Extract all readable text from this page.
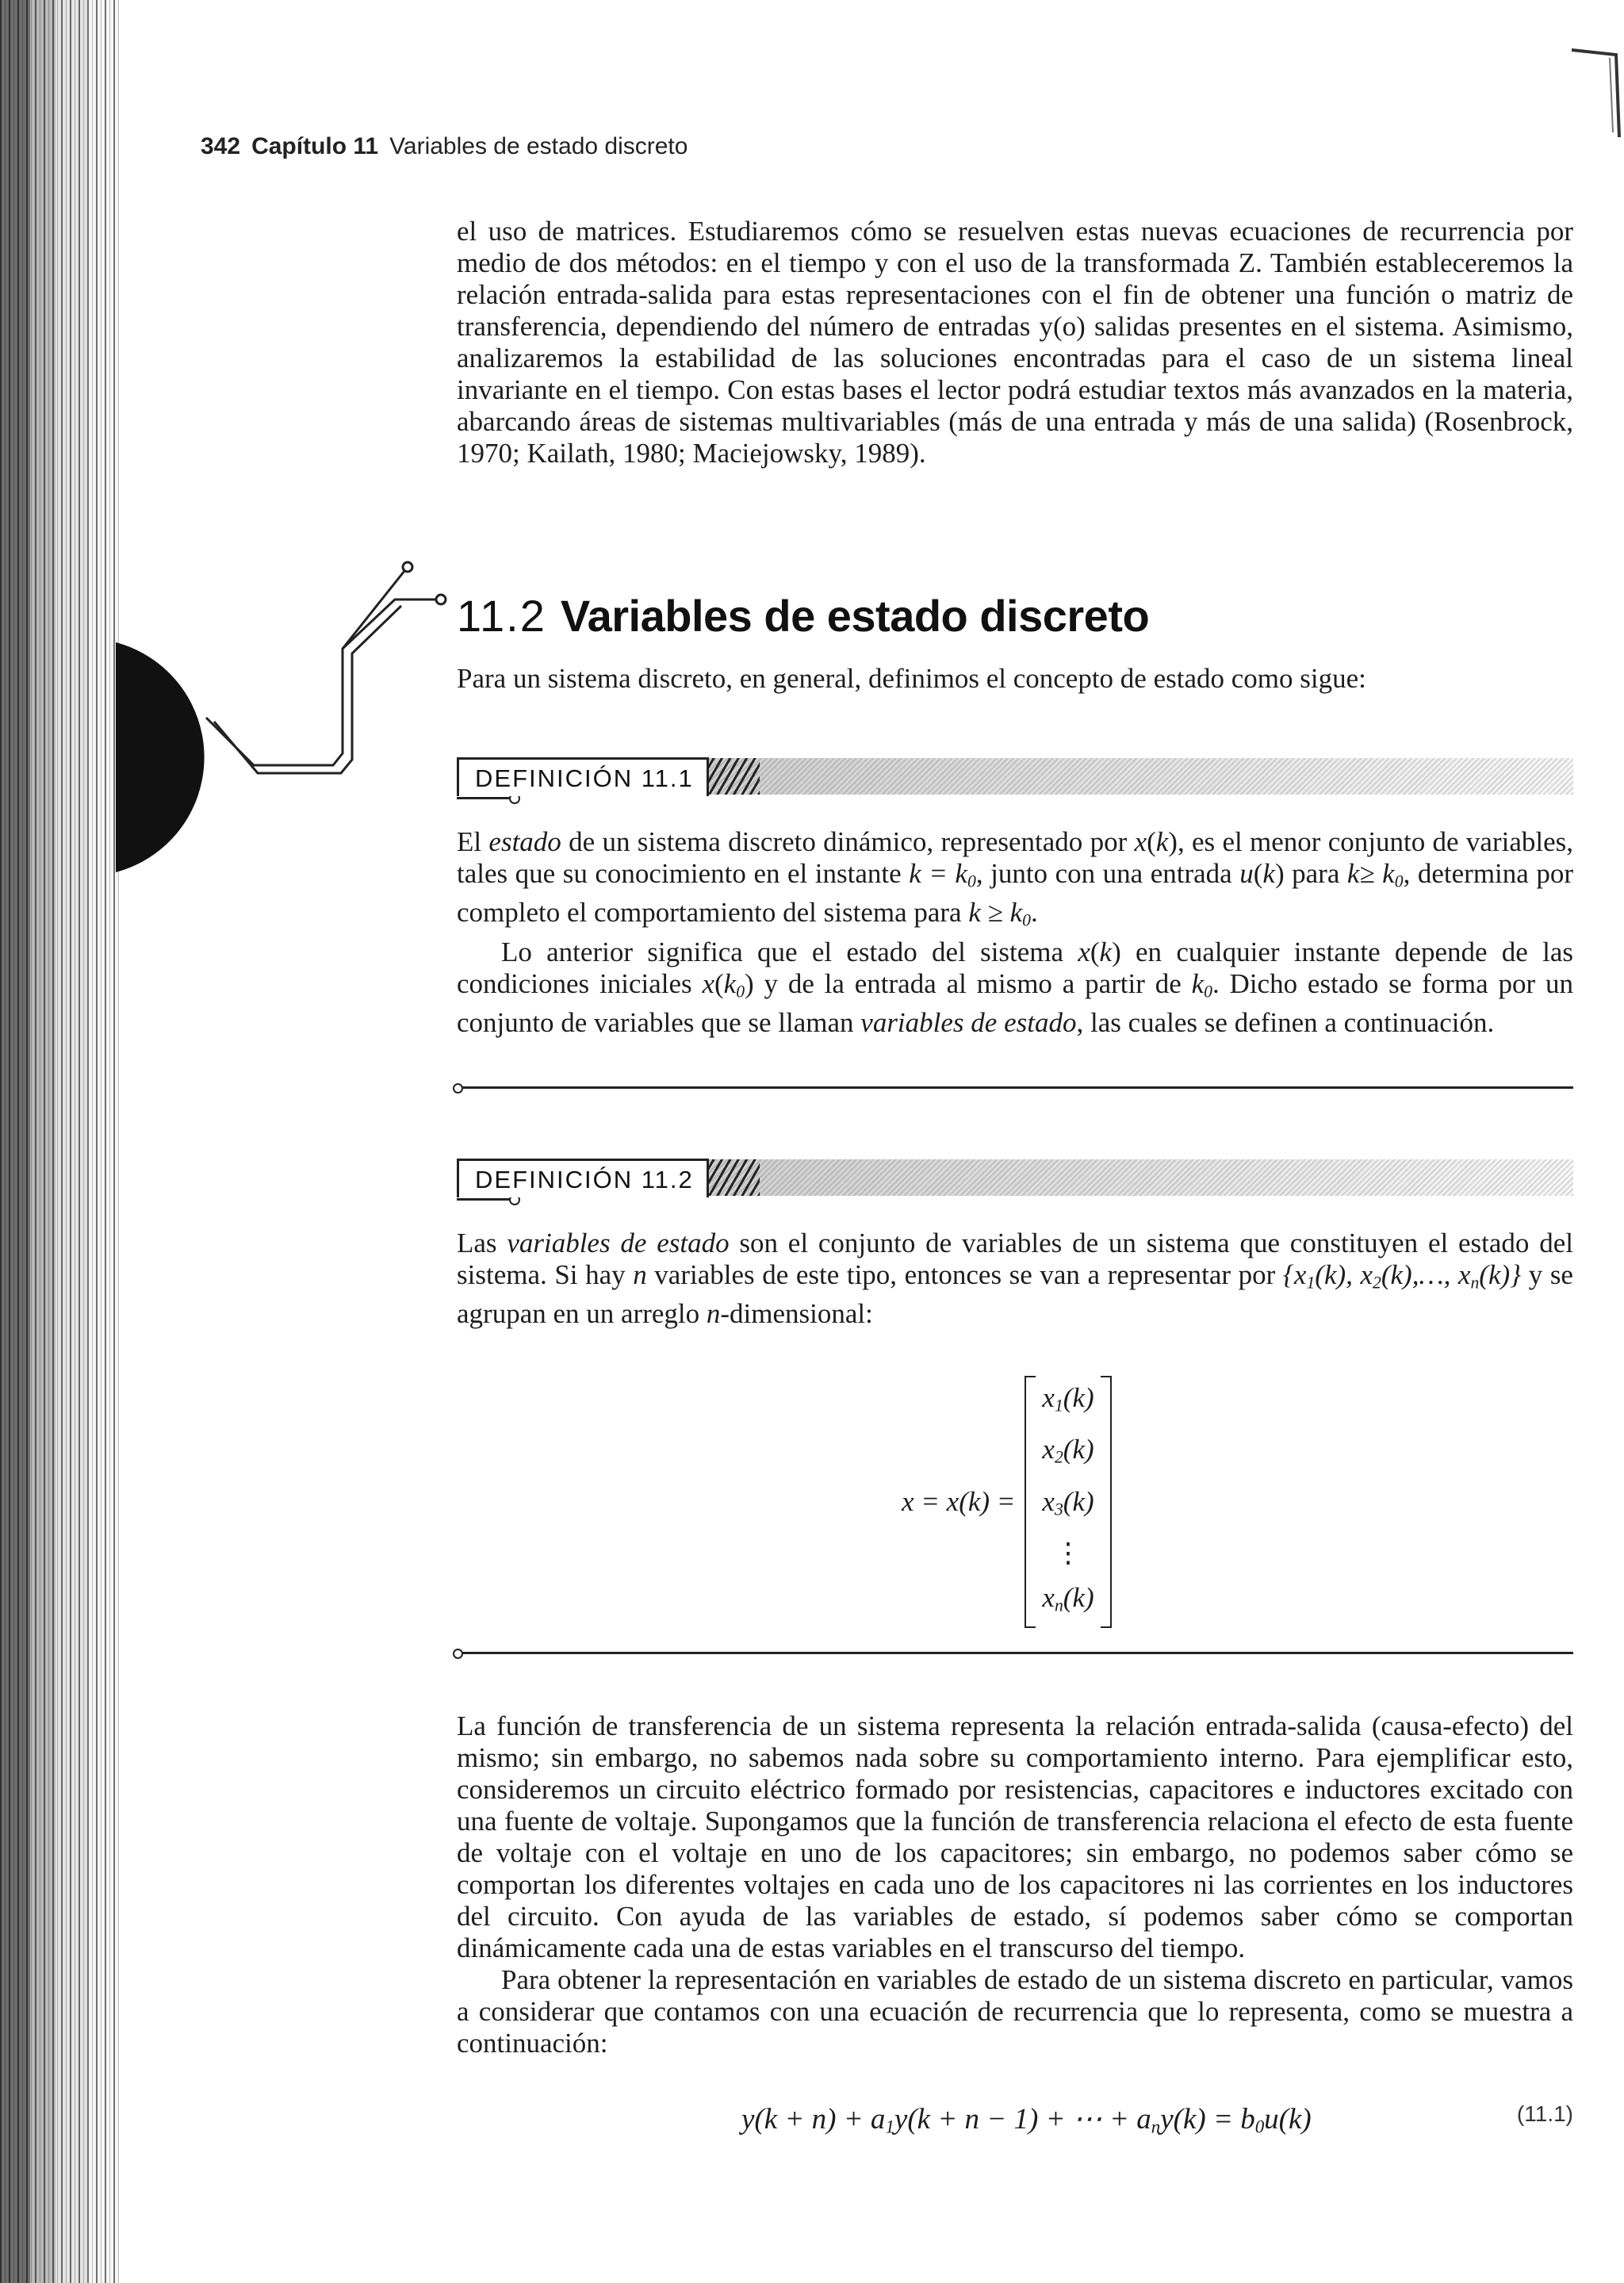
342 Capítulo 11 Variables de estado discreto

el uso de matrices. Estudiaremos cómo se resuelven estas nuevas ecuaciones de recurrencia por medio de dos métodos: en el tiempo y con el uso de la transformada Z. También estableceremos la relación entrada-salida para estas representaciones con el fin de obtener una función o matriz de transferencia, dependiendo del número de entradas y(o) salidas presentes en el sistema. Asimismo, analizaremos la estabilidad de las soluciones encontradas para el caso de un sistema lineal invariante en el tiempo. Con estas bases el lector podrá estudiar textos más avanzados en la materia, abarcando áreas de sistemas multivariables (más de una entrada y más de una salida) (Rosenbrock, 1970; Kailath, 1980; Maciejowsky, 1989).

11.2 Variables de estado discreto

Para un sistema discreto, en general, definimos el concepto de estado como sigue:

DEFINICIÓN 11.1

El estado de un sistema discreto dinámico, representado por x(k), es el menor conjunto de variables, tales que su conocimiento en el instante $k = k_0$, junto con una entrada u(k) para $k\ge k_0$, determina por completo el comportamiento del sistema para $k \ge k_0$.

Lo anterior significa que el estado del sistema x(k) en cualquier instante depende de las condiciones iniciales $x(k_0)$ y de la entrada al mismo a partir de $k_0$. Dicho estado se forma por un conjunto de variables que se llaman variables de estado, las cuales se definen a continuación.

DEFINICIÓN 11.2

Las variables de estado son el conjunto de variables de un sistema que constituyen el estado del sistema. Si hay n variables de este tipo, entonces se van a representar por {$x_1(k)$, $x_2(k),\dots$, $x_n(k)$} y se agrupan en un arreglo n-dimensional:

x = x(k) =
$x_1(k)$
$x_2(k)$
$x_3(k)$
⋮
$x_n(k)$

La función de transferencia de un sistema representa la relación entrada-salida (causa-efecto) del mismo; sin embargo, no sabemos nada sobre su comportamiento interno. Para ejemplificar esto, consideremos un circuito eléctrico formado por resistencias, capacitores e inductores excitado con una fuente de voltaje. Supongamos que la función de transferencia relaciona el efecto de esta fuente de voltaje con el voltaje en uno de los capacitores; sin embargo, no podemos saber cómo se comportan los diferentes voltajes en cada uno de los capacitores ni las corrientes en los inductores del circuito. Con ayuda de las variables de estado, sí podemos saber cómo se comportan dinámicamente cada una de estas variables en el transcurso del tiempo.

Para obtener la representación en variables de estado de un sistema discreto en particular, vamos a considerar que contamos con una ecuación de recurrencia que lo representa, como se muestra a continuación:

$y(k + n) + a_1y(k + n - 1)$ + ⋯ + $a_ny(k) = b_0u(k)$	(11.1)
